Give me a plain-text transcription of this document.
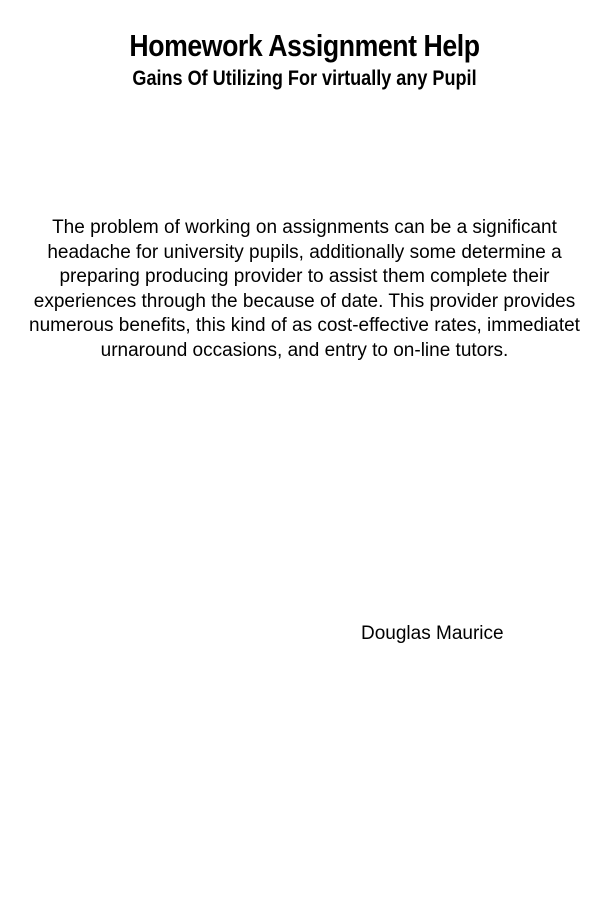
Homework Assignment Help
Gains Of Utilizing For virtually any Pupil

The problem of working on assignments can be a significant
headache for university pupils, additionally some determine a
preparing producing provider to assist them complete their
experiences through the because of date. This provider provides
numerous benefits, this kind of as cost-effective rates, immediatet
urnaround occasions, and entry to on-line tutors.

Douglas Maurice
